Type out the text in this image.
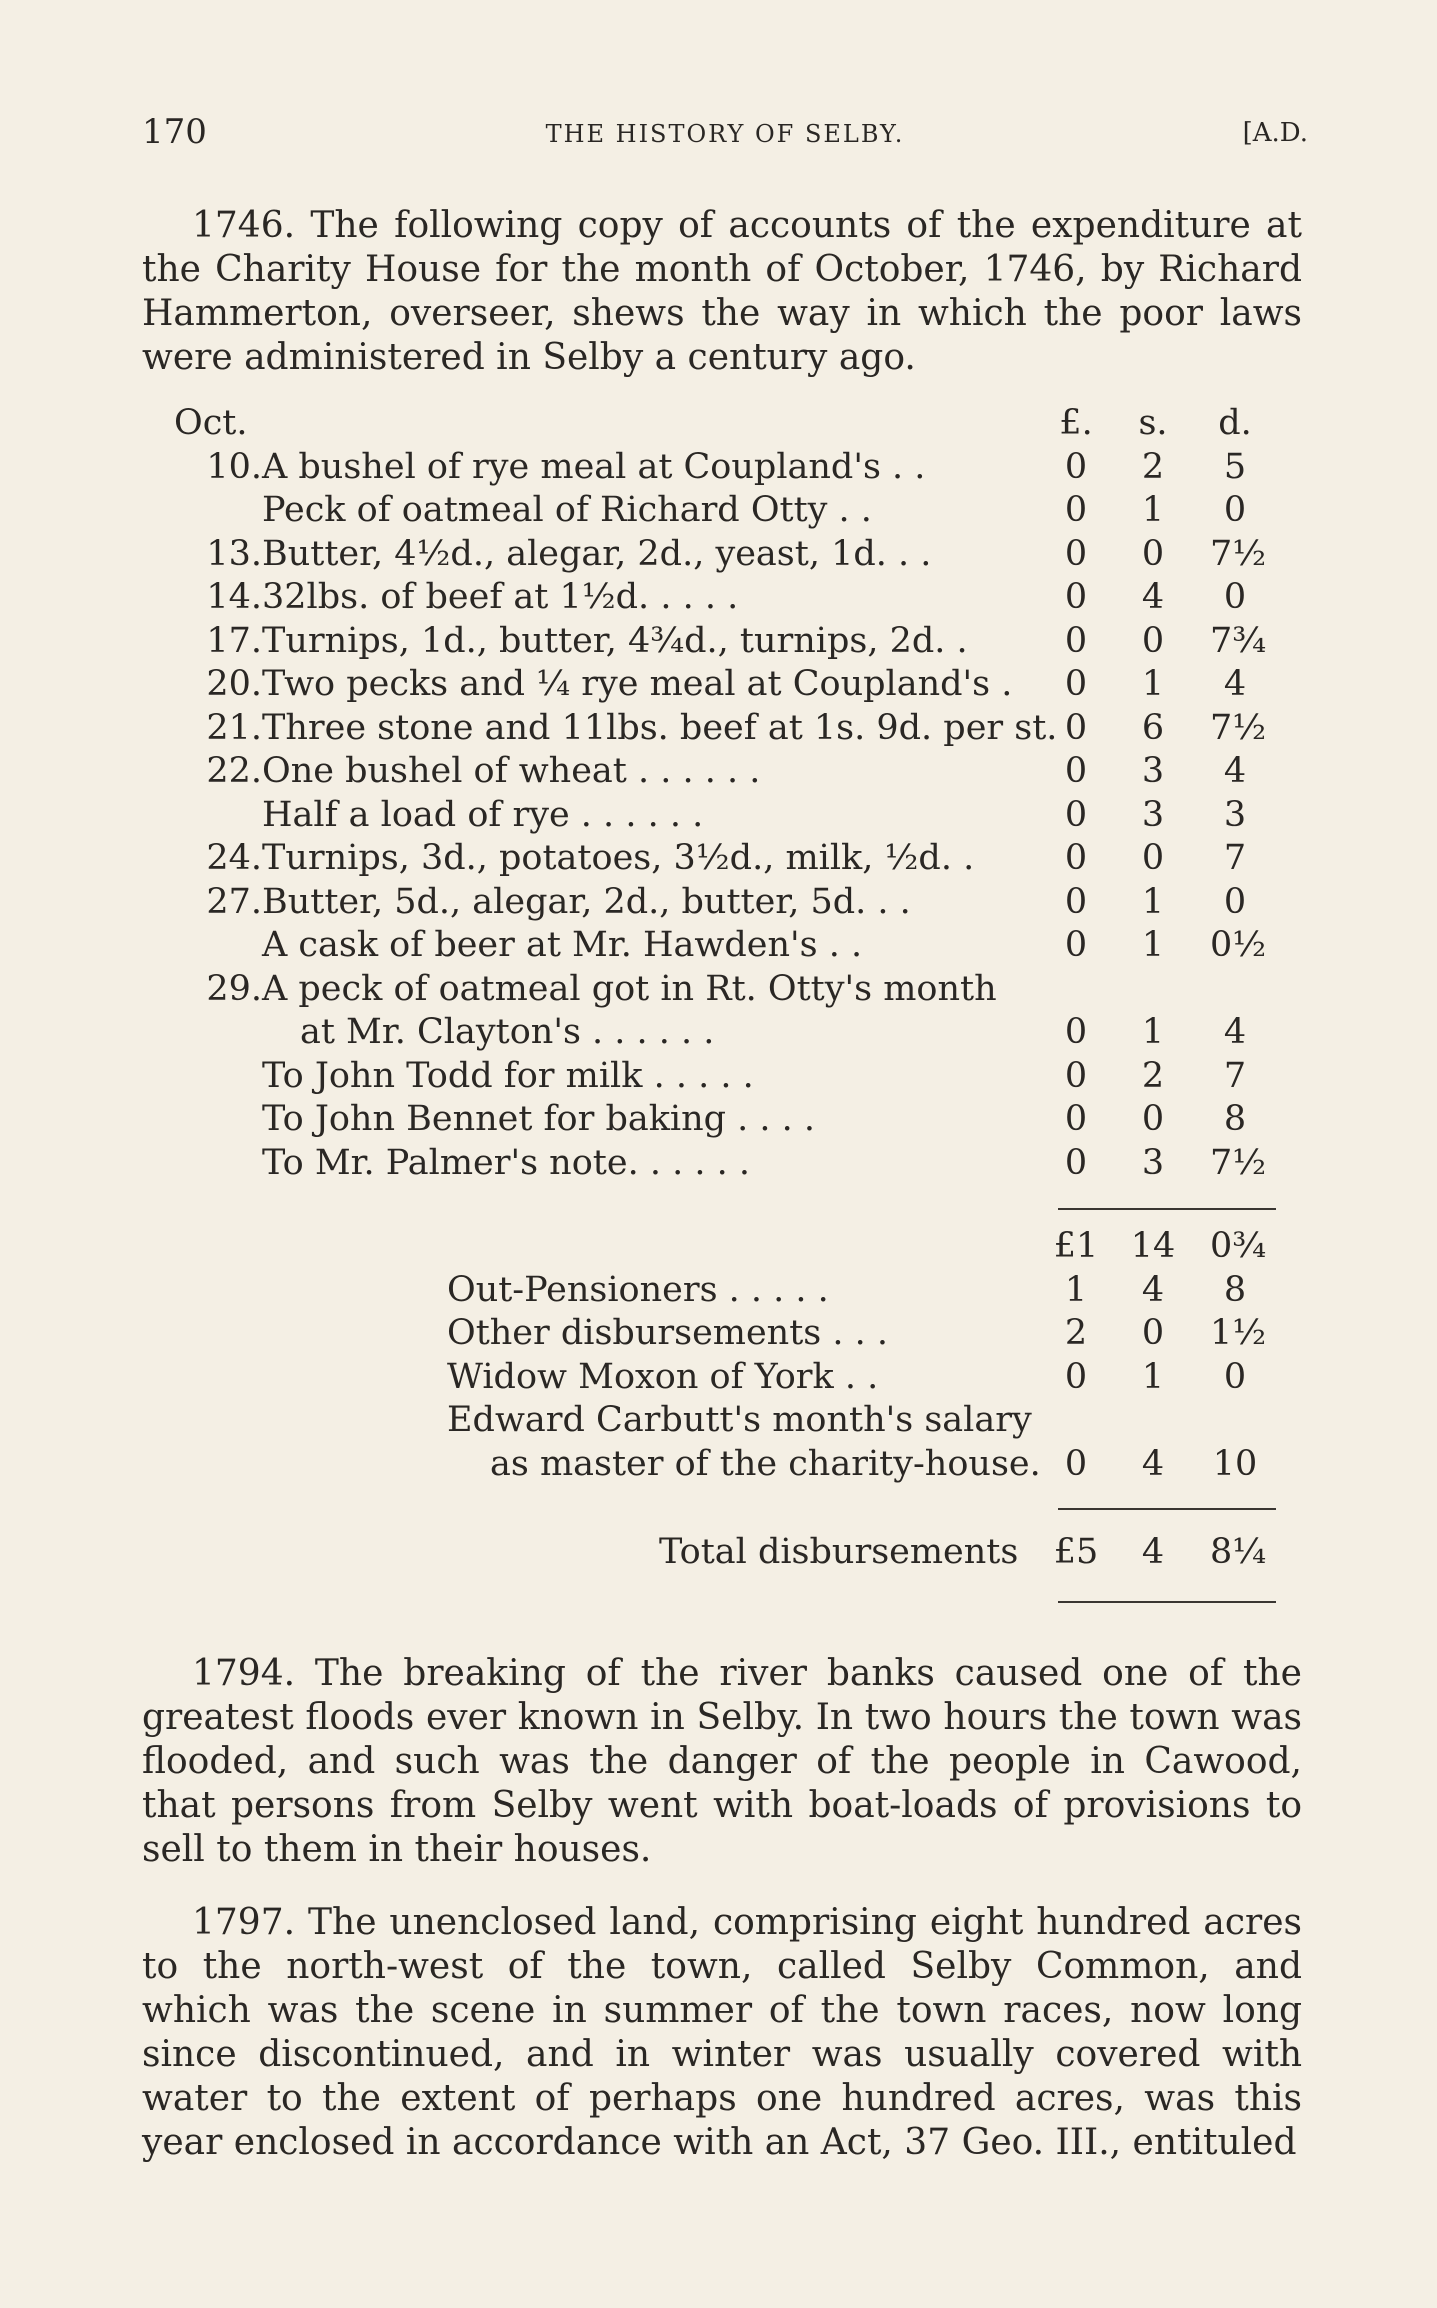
170	THE HISTORY OF SELBY.	[A.D.

1746. The following copy of accounts of the expenditure at the Charity House for the month of October, 1746, by Richard Hammerton, overseer, shews the way in which the poor laws were administered in Selby a century ago.

Oct.	£. s. d.
10. A bushel of rye meal at Coupland's . .	0	2	5
Peck of oatmeal of Richard Otty . .	0	1	0
13. Butter, 4½d., alegar, 2d., yeast, 1d. . .	0	0	7½
14. 32lbs. of beef at 1½d. . . . .	0	4	0
17. Turnips, 1d., butter, 4¾d., turnips, 2d. .	0	0	7¾
20. Two pecks and ¼ rye meal at Coupland's .	0	1	4
21. Three stone and 11lbs. beef at 1s. 9d. per st. 0	6	7½
22. One bushel of wheat . . . . . .	0	3	4
Half a load of rye . . . . . .	0	3	3
24. Turnips, 3d., potatoes, 3½d., milk, ½d. .	0	0	7
27. Butter, 5d., alegar, 2d., butter, 5d. . .	0	1	0
A cask of beer at Mr. Hawden's . .	0	1	0½
29. A peck of oatmeal got in Rt. Otty's month
at Mr. Clayton's . . . . . .	0	1	4
To John Todd for milk . . . . .	0	2	7
To John Bennet for baking . . . .	0	0	8
To Mr. Palmer's note. . . . . .	0	3	7½
£1 14 0¾
Out-Pensioners . . . . .	1	4	8
Other disbursements . . .	2	0	1½
Widow Moxon of York . .	0	1	0
Edward Carbutt's month's salary
as master of the charity-house. 0	4	10
Total disbursements £5	4	8¼

1794. The breaking of the river banks caused one of the greatest floods ever known in Selby. In two hours the town was flooded, and such was the danger of the people in Cawood, that persons from Selby went with boat-loads of provisions to sell to them in their houses.

1797. The unenclosed land, comprising eight hundred acres to the north-west of the town, called Selby Common, and which was the scene in summer of the town races, now long since discontinued, and in winter was usually covered with water to the extent of perhaps one hundred acres, was this year enclosed in accordance with an Act, 37 Geo. III., entituled
